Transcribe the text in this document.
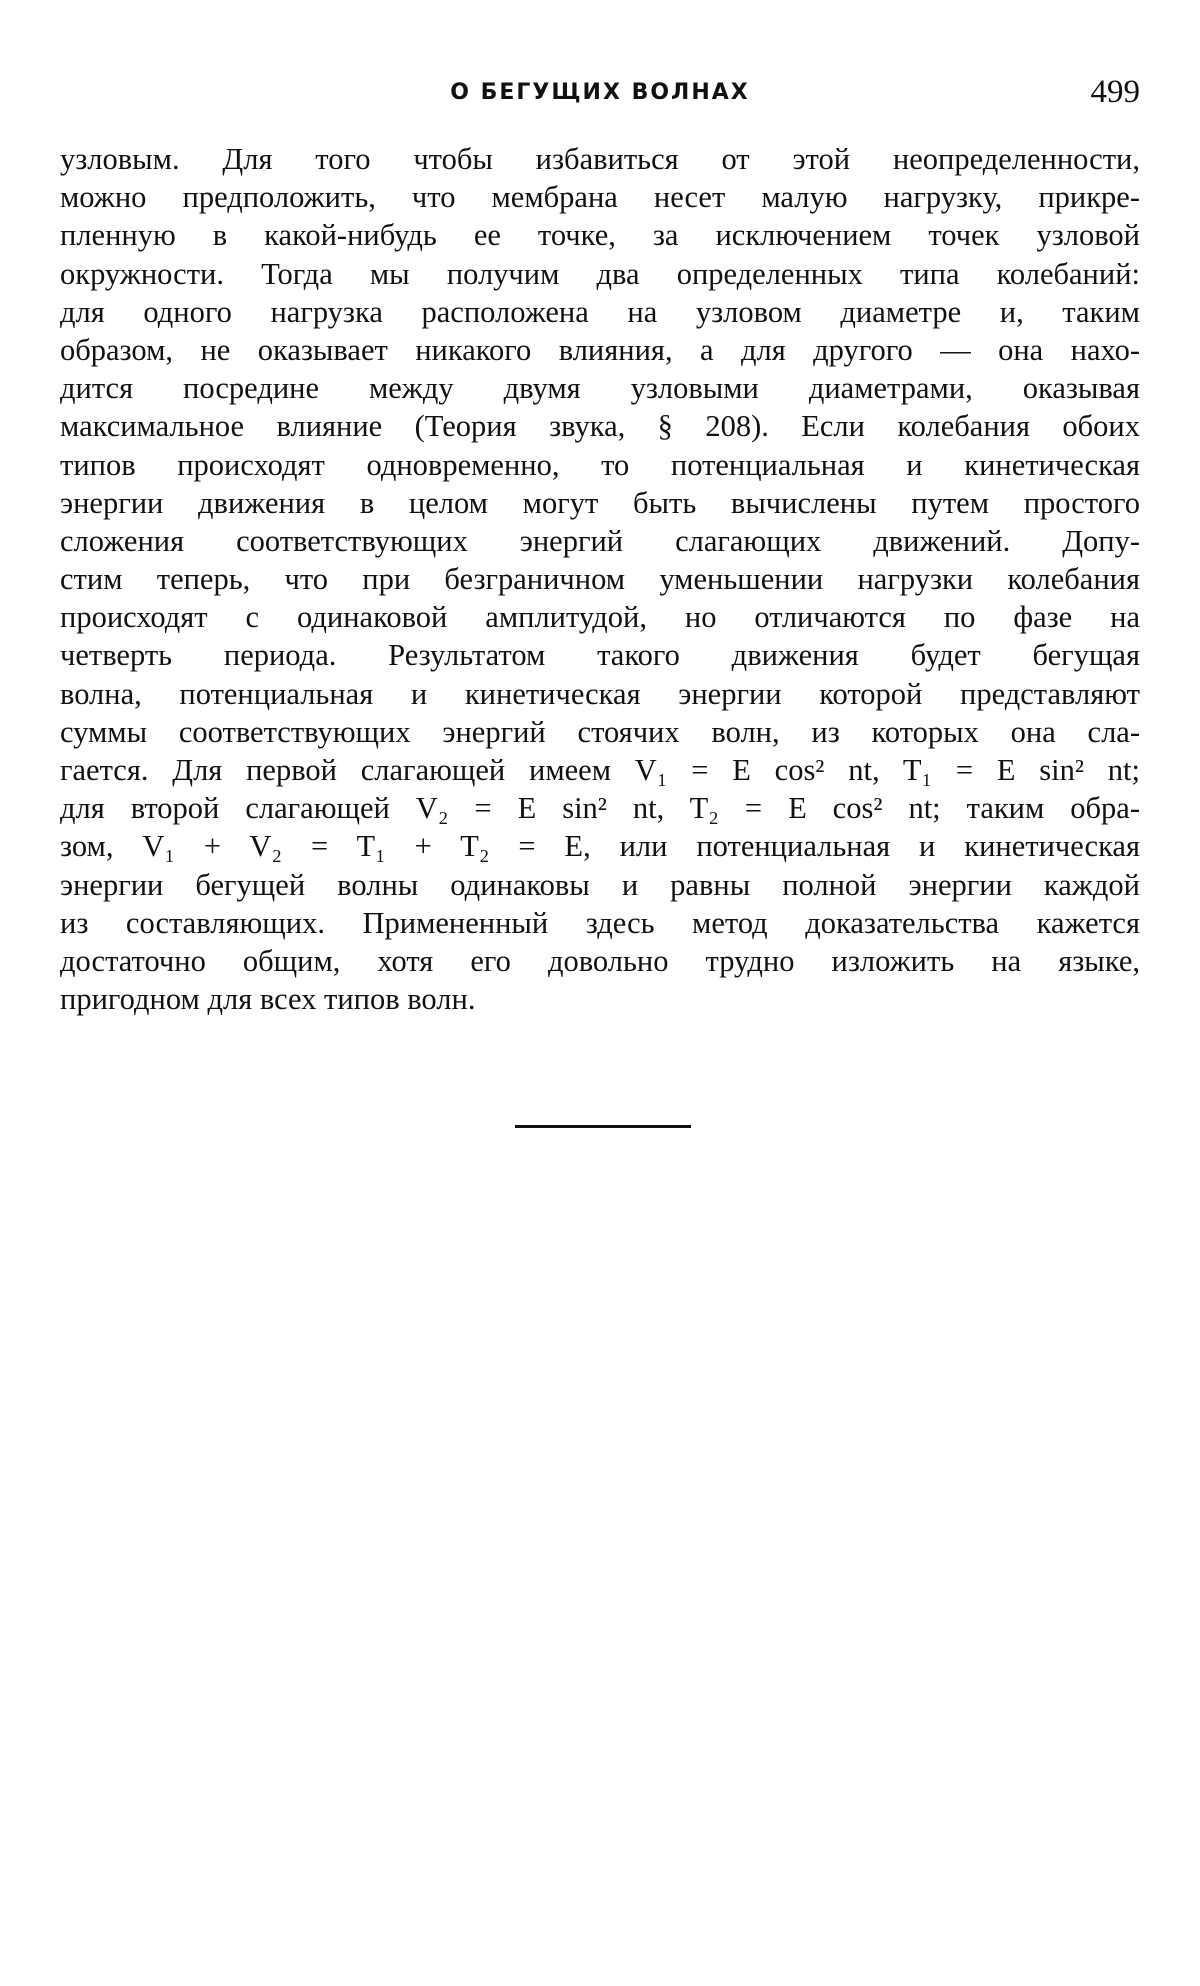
О БЕГУЩИХ ВОЛНАХ	499
узловым. Для того чтобы избавиться от этой неопределенности,
можно предположить, что мембрана несет малую нагрузку, прикре-
пленную в какой-нибудь ее точке, за исключением точек узловой
окружности. Тогда мы получим два определенных типа колебаний:
для одного нагрузка расположена на узловом диаметре и, таким
образом, не оказывает никакого влияния, а для другого — она нахо-
дится посредине между двумя узловыми диаметрами, оказывая
максимальное влияние (Теория звука, § 208). Если колебания обоих
типов происходят одновременно, то потенциальная и кинетическая
энергии движения в целом могут быть вычислены путем простого
сложения соответствующих энергий слагающих движений. Допу-
стим теперь, что при безграничном уменьшении нагрузки колебания
происходят с одинаковой амплитудой, но отличаются по фазе на
четверть периода. Результатом такого движения будет бегущая
волна, потенциальная и кинетическая энергии которой представляют
суммы соответствующих энергий стоячих волн, из которых она сла-
гается. Для первой слагающей имеем V₁ = E cos² nt, T₁ = E sin² nt;
для второй слагающей V₂ = E sin² nt, T₂ = E cos² nt; таким обра-
зом, V₁ + V₂ = T₁ + T₂ = E, или потенциальная и кинетическая
энергии бегущей волны одинаковы и равны полной энергии каждой
из составляющих. Примененный здесь метод доказательства кажется
достаточно общим, хотя его довольно трудно изложить на языке,
пригодном для всех типов волн.
